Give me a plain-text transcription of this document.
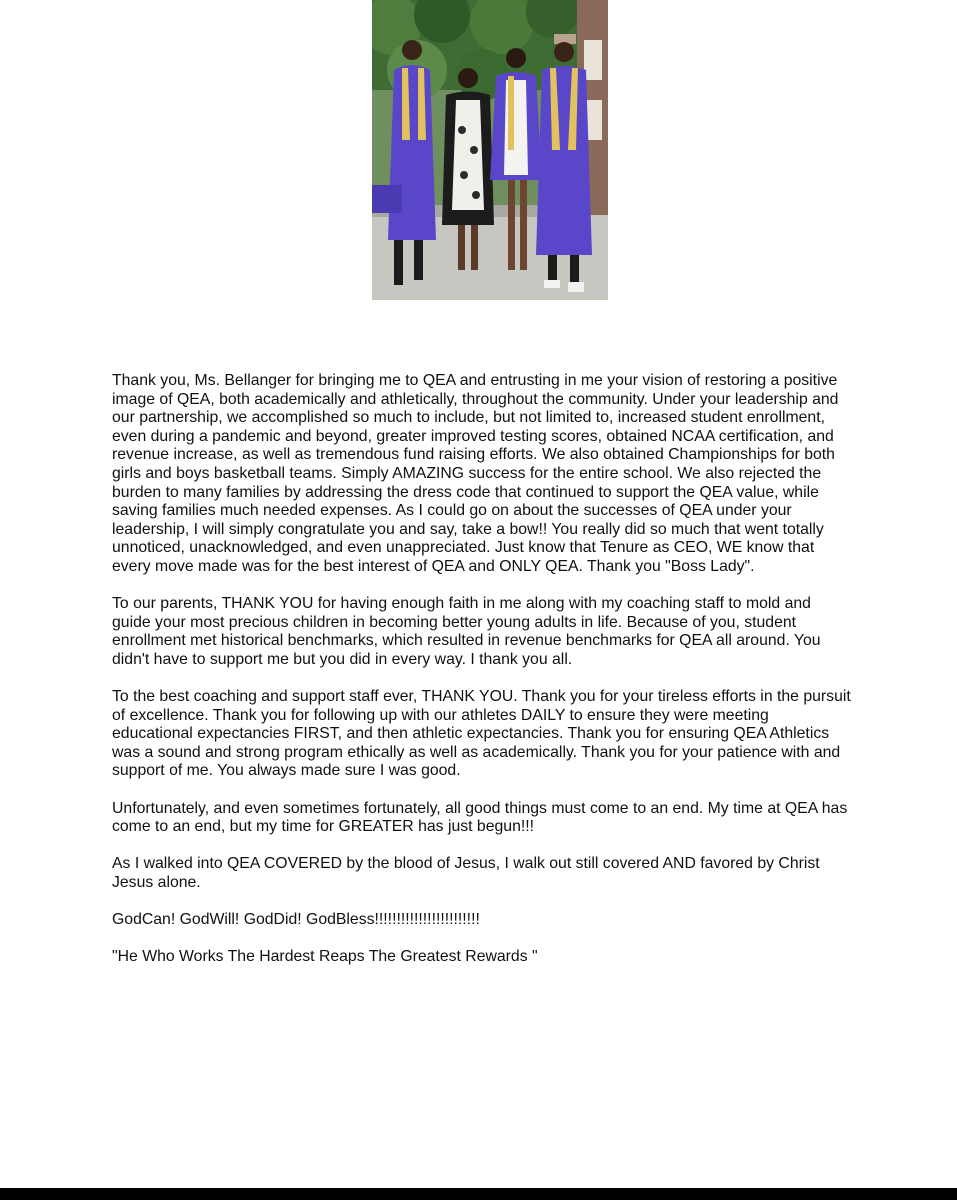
Thank you, Ms. Bellanger for bringing me to QEA and entrusting in me your vision of restoring a positive image of QEA, both academically and athletically, throughout the community. Under your leadership and our partnership, we accomplished so much to include, but not limited to, increased student enrollment, even during a pandemic and beyond, greater improved testing scores, obtained NCAA certification, and revenue increase, as well as tremendous fund raising efforts. We also obtained Championships for both girls and boys basketball teams. Simply AMAZING success for the entire school. We also rejected the burden to many families by addressing the dress code that continued to support the QEA value, while saving families much needed expenses. As I could go on about the successes of QEA under your leadership, I will simply congratulate you and say, take a bow!! You really did so much that went totally unnoticed, unacknowledged, and even unappreciated. Just know that Tenure as CEO, WE know that every move made was for the best interest of QEA and ONLY QEA. Thank you "Boss Lady".

To our parents, THANK YOU for having enough faith in me along with my coaching staff to mold and guide your most precious children in becoming better young adults in life. Because of you, student enrollment met historical benchmarks, which resulted in revenue benchmarks for QEA all around. You didn't have to support me but you did in every way. I thank you all.

To the best coaching and support staff ever, THANK YOU. Thank you for your tireless efforts in the pursuit of excellence. Thank you for following up with our athletes DAILY to ensure they were meeting educational expectancies FIRST, and then athletic expectancies. Thank you for ensuring QEA Athletics was a sound and strong program ethically as well as academically. Thank you for your patience with and support of me. You always made sure I was good.

Unfortunately, and even sometimes fortunately, all good things must come to an end. My time at QEA has come to an end, but my time for GREATER has just begun!!!

As I walked into QEA COVERED by the blood of Jesus, I walk out still covered AND favored by Christ Jesus alone.

GodCan! GodWill! GodDid! GodBless!!!!!!!!!!!!!!!!!!!!!!!!

"He Who Works The Hardest Reaps The Greatest Rewards "
